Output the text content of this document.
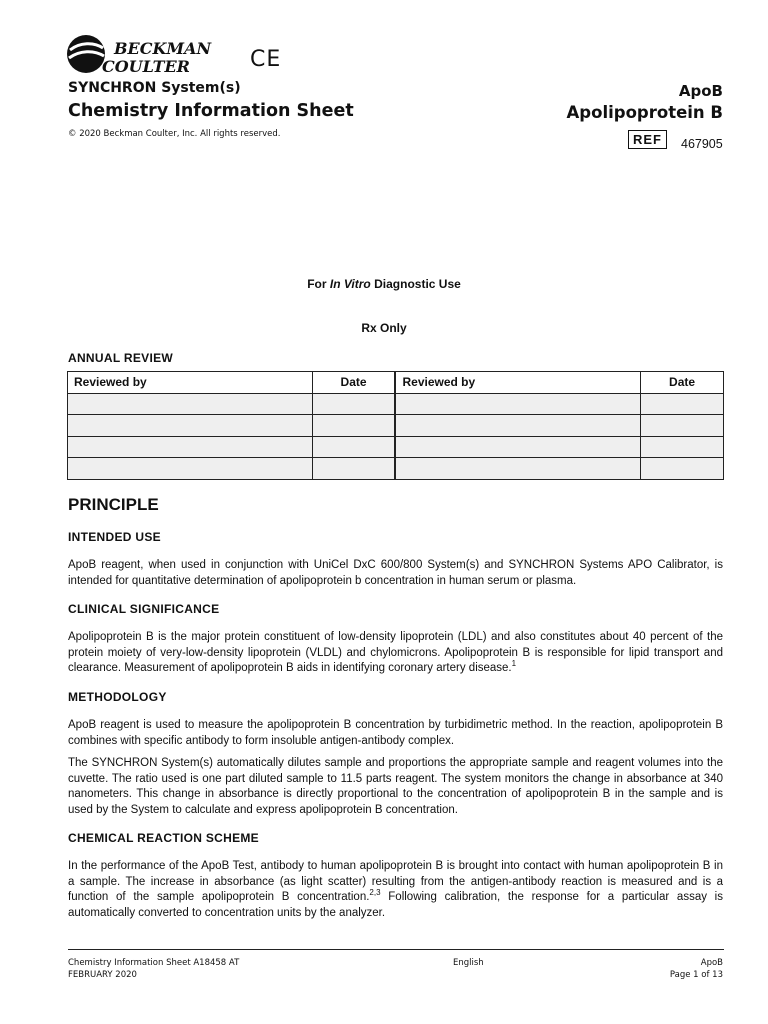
BECKMAN
COULTER	CE
SYNCHRON System(s)
Chemistry Information Sheet
© 2020 Beckman Coulter, Inc. All rights reserved.
ApoB
Apolipoprotein B
REF	467905
For In Vitro Diagnostic Use
Rx Only
ANNUAL REVIEW
Reviewed by	Date	Reviewed by	Date

PRINCIPLE
INTENDED USE

ApoB reagent, when used in conjunction with UniCel DxC 600/800 System(s) and SYNCHRON Systems APO Calibrator, is intended for quantitative determination of apolipoprotein b concentration in human serum or plasma.

CLINICAL SIGNIFICANCE

Apolipoprotein B is the major protein constituent of low-density lipoprotein (LDL) and also constitutes about 40 percent of the protein moiety of very-low-density lipoprotein (VLDL) and chylomicrons. Apolipoprotein B is responsible for lipid transport and clearance. Measurement of apolipoprotein B aids in identifying coronary artery disease.$^1$

METHODOLOGY

ApoB reagent is used to measure the apolipoprotein B concentration by turbidimetric method. In the reaction, apolipoprotein B combines with specific antibody to form insoluble antigen-antibody complex.

The SYNCHRON System(s) automatically dilutes sample and proportions the appropriate sample and reagent volumes into the cuvette. The ratio used is one part diluted sample to 11.5 parts reagent. The system monitors the change in absorbance at 340 nanometers. This change in absorbance is directly proportional to the concentration of apolipoprotein B in the sample and is used by the System to calculate and express apolipoprotein B concentration.

CHEMICAL REACTION SCHEME

In the performance of the ApoB Test, antibody to human apolipoprotein B is brought into contact with human apolipoprotein B in a sample. The increase in absorbance (as light scatter) resulting from the antigen-antibody reaction is measured and is a function of the sample apolipoprotein B concentration.$^{2,3}$ Following calibration, the response for a particular assay is automatically converted to concentration units by the analyzer.

Chemistry Information Sheet A18458 AT
FEBRUARY 2020
English	ApoB
Page 1 of 13
